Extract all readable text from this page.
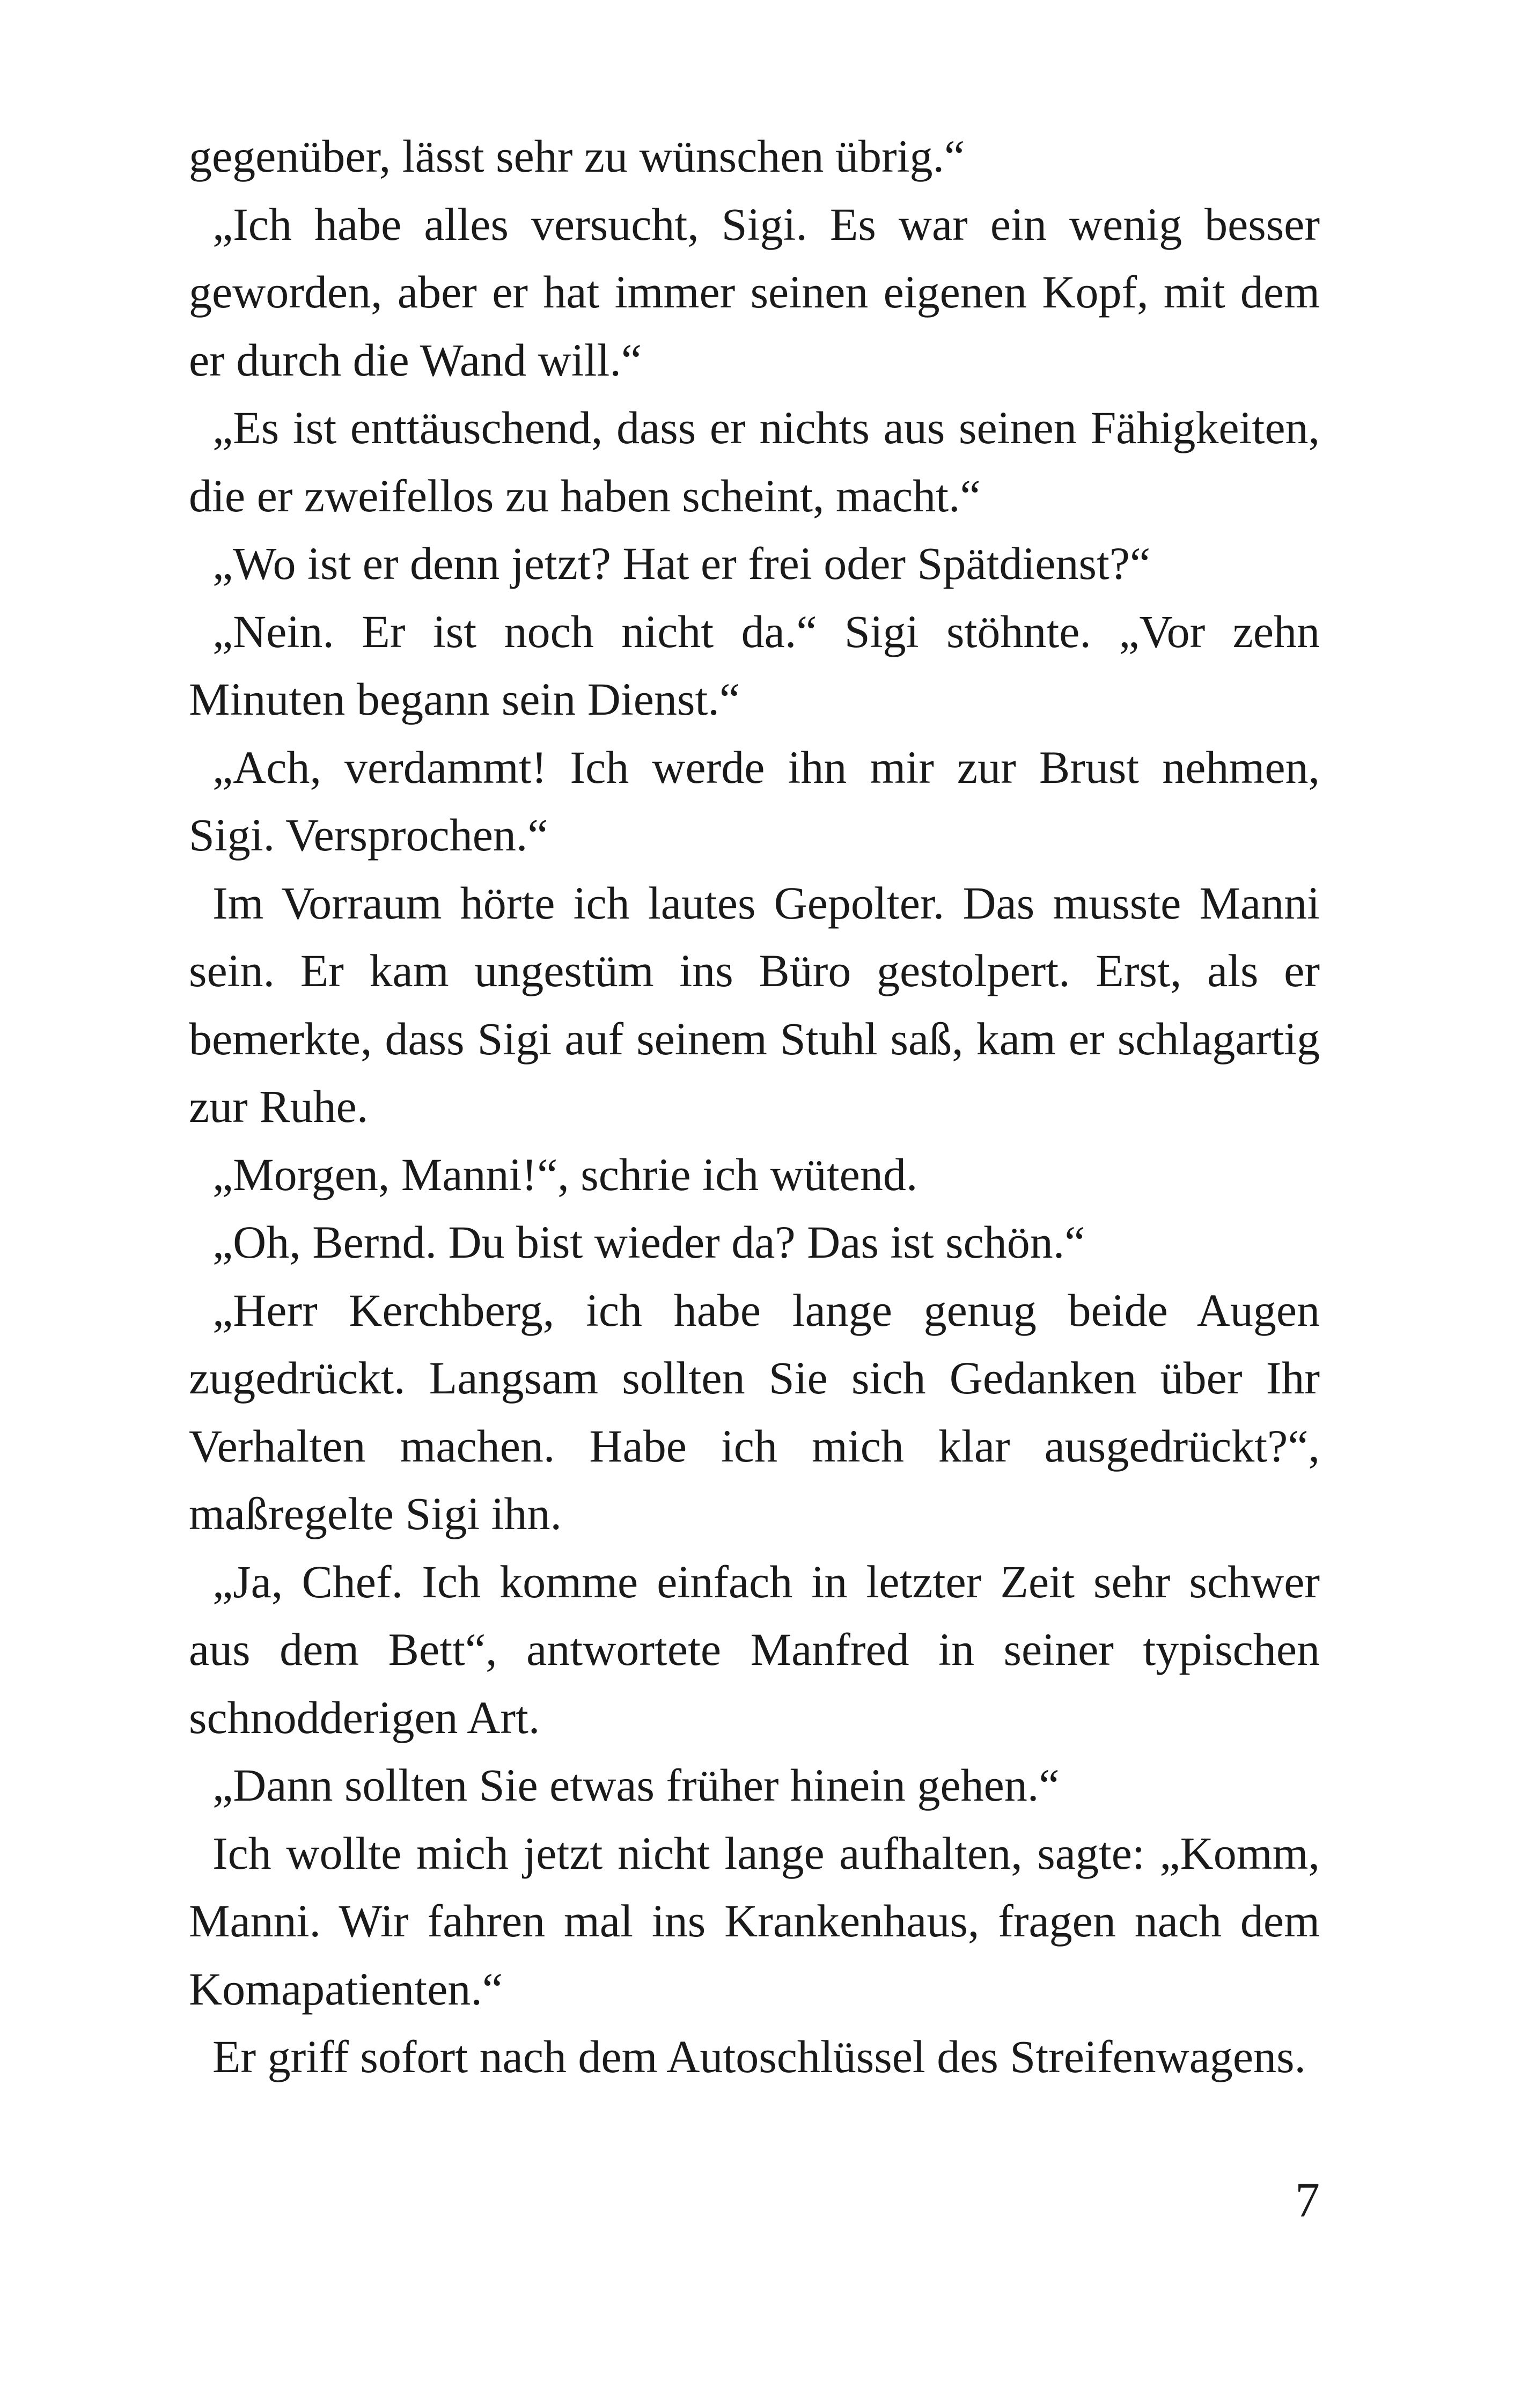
gegenüber, lässt sehr zu wünschen übrig.“

„Ich habe alles versucht, Sigi. Es war ein wenig besser geworden, aber er hat immer seinen eigenen Kopf, mit dem er durch die Wand will.“

„Es ist enttäuschend, dass er nichts aus seinen Fähigkeiten, die er zweifellos zu haben scheint, macht.“

„Wo ist er denn jetzt? Hat er frei oder Spätdienst?“

„Nein. Er ist noch nicht da.“ Sigi stöhnte. „Vor zehn Minuten begann sein Dienst.“

„Ach, verdammt! Ich werde ihn mir zur Brust nehmen, Sigi. Versprochen.“

Im Vorraum hörte ich lautes Gepolter. Das musste Manni sein. Er kam ungestüm ins Büro gestolpert. Erst, als er bemerkte, dass Sigi auf seinem Stuhl saß, kam er schlagartig zur Ruhe.

„Morgen, Manni!“, schrie ich wütend.

„Oh, Bernd. Du bist wieder da? Das ist schön.“

„Herr Kerchberg, ich habe lange genug beide Augen zugedrückt. Langsam sollten Sie sich Gedanken über Ihr Verhalten machen. Habe ich mich klar ausgedrückt?“, maßregelte Sigi ihn.

„Ja, Chef. Ich komme einfach in letzter Zeit sehr schwer aus dem Bett“, antwortete Manfred in seiner typischen schnodderigen Art.

„Dann sollten Sie etwas früher hinein gehen.“

Ich wollte mich jetzt nicht lange aufhalten, sagte: „Komm, Manni. Wir fahren mal ins Krankenhaus, fragen nach dem Komapatienten.“

Er griff sofort nach dem Autoschlüssel des Streifenwagens.

7
